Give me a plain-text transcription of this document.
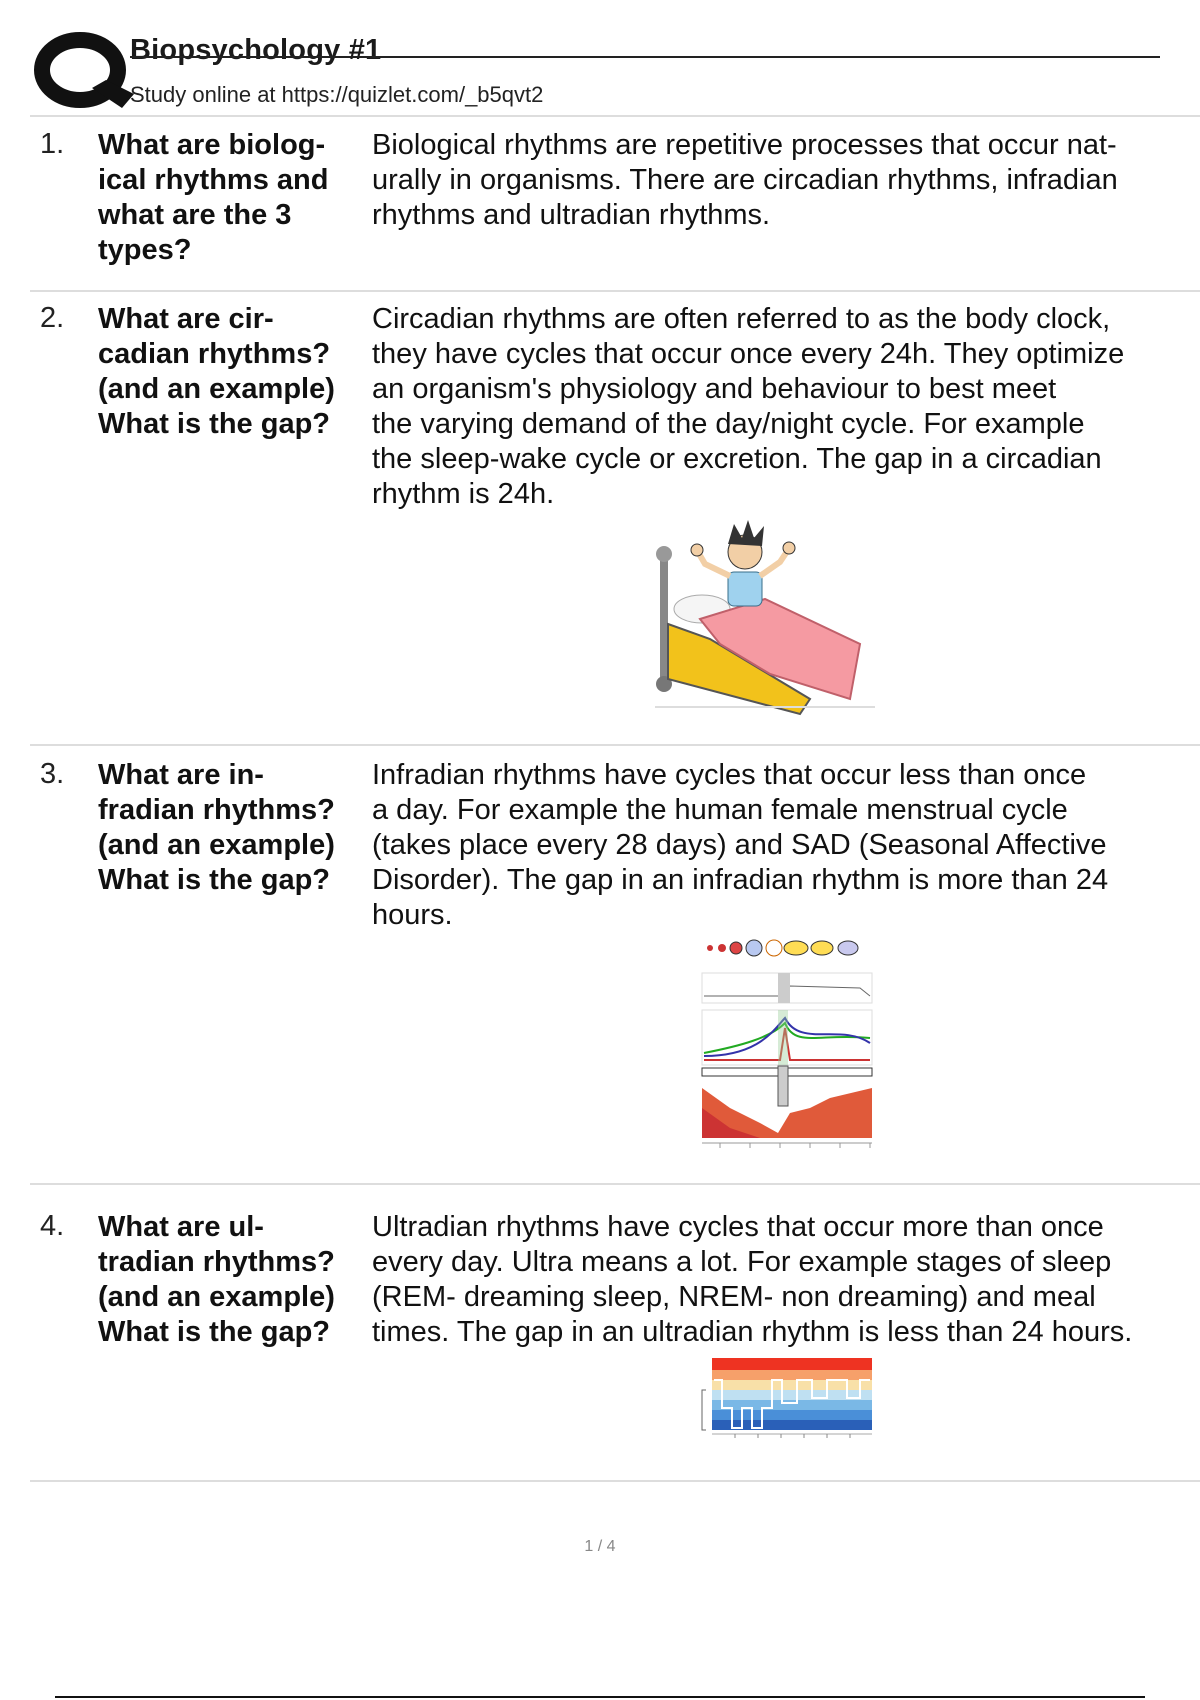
Biopsychology #1
Study online at https://quizlet.com/_b5qvt2
1. What are biolog-
ical rhythms and
what are the 3
types?
Biological rhythms are repetitive processes that occur nat-
urally in organisms. There are circadian rhythms, infradian
rhythms and ultradian rhythms.
2. What are cir-
cadian rhythms?
(and an example)
What is the gap?
Circadian rhythms are often referred to as the body clock,
they have cycles that occur once every 24h. They optimize
an organism's physiology and behaviour to best meet
the varying demand of the day/night cycle. For example
the sleep-wake cycle or excretion. The gap in a circadian
rhythm is 24h.
3. What are in-
fradian rhythms?
(and an example)
What is the gap?
Infradian rhythms have cycles that occur less than once
a day. For example the human female menstrual cycle
(takes place every 28 days) and SAD (Seasonal Affective
Disorder). The gap in an infradian rhythm is more than 24
hours.
4. What are ul-
tradian rhythms?
(and an example)
What is the gap?
Ultradian rhythms have cycles that occur more than once
every day. Ultra means a lot. For example stages of sleep
(REM- dreaming sleep, NREM- non dreaming) and meal
times. The gap in an ultradian rhythm is less than 24 hours.
1 / 4
